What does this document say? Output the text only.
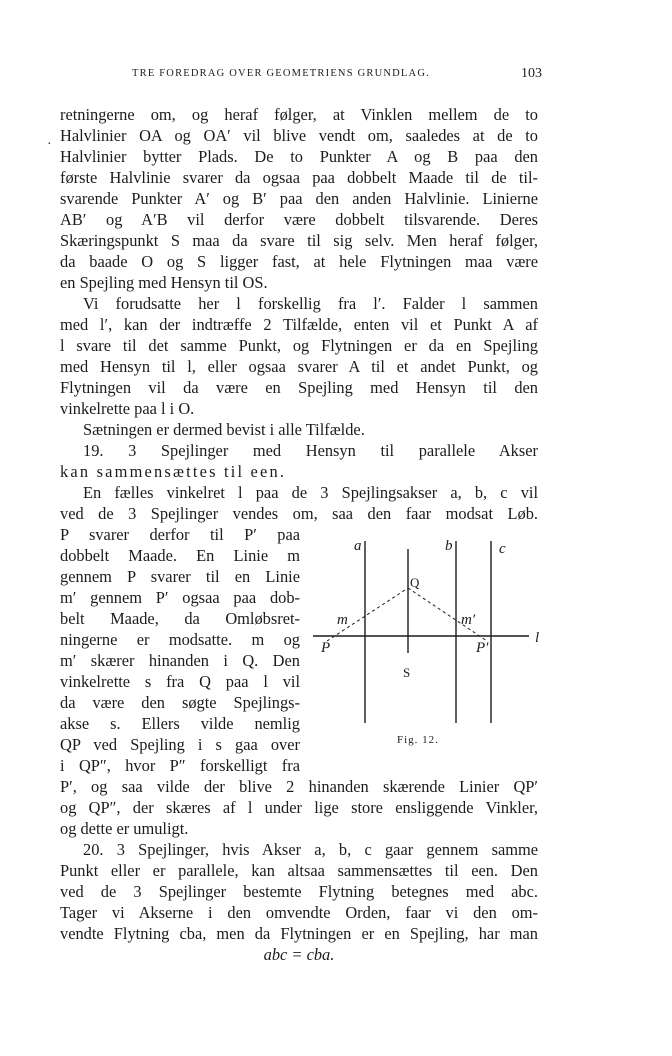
TRE FOREDRAG OVER GEOMETRIENS GRUNDLAG.	103
·
retningerne om, og heraf følger, at Vinklen mellem de to
Halvlinier OA og OA′ vil blive vendt om, saaledes at de to
Halvlinier bytter Plads. De to Punkter A og B paa den
første Halvlinie svarer da ogsaa paa dobbelt Maade til de til-
svarende Punkter A′ og B′ paa den anden Halvlinie. Linierne
AB′ og A′B vil derfor være dobbelt tilsvarende. Deres
Skæringspunkt S maa da svare til sig selv. Men heraf følger,
da baade O og S ligger fast, at hele Flytningen maa være
en Spejling med Hensyn til OS.
Vi forudsatte her l forskellig fra l′. Falder l sammen
med l′, kan der indtræffe 2 Tilfælde, enten vil et Punkt A af
l svare til det samme Punkt, og Flytningen er da en Spejling
med Hensyn til l, eller ogsaa svarer A til et andet Punkt, og
Flytningen vil da være en Spejling med Hensyn til den
vinkelrette paa l i O.
Sætningen er dermed bevist i alle Tilfælde.
19. 3 Spejlinger med Hensyn til parallele Akser
kan sammensættes til een.
En fælles vinkelret l paa de 3 Spejlingsakser a, b, c vil
ved de 3 Spejlinger vendes om, saa den faar modsat Løb.
P svarer derfor til P′ paa
dobbelt Maade. En Linie m
gennem P svarer til en Linie
m′ gennem P′ ogsaa paa dob-
belt Maade, da Omløbsret-
ningerne er modsatte. m og
m′ skærer hinanden i Q. Den
vinkelrette s fra Q paa l vil
da være den søgte Spejlings-
akse s. Ellers vilde nemlig
QP ved Spejling i s gaa over
i QP″, hvor P″ forskelligt fra
P′, og saa vilde der blive 2 hinanden skærende Linier QP′
og QP″, der skæres af l under lige store ensliggende Vinkler,
og dette er umuligt.
20. 3 Spejlinger, hvis Akser a, b, c gaar gennem samme
Punkt eller er parallele, kan altsaa sammensættes til een. Den
ved de 3 Spejlinger bestemte Flytning betegnes med abc.
Tager vi Akserne i den omvendte Orden, faar vi den om-
vendte Flytning cba, men da Flytningen er en Spejling, har man
abc = cba.
a	b	c
Q
m	m′
l
P	P′
S
Fig. 12.
